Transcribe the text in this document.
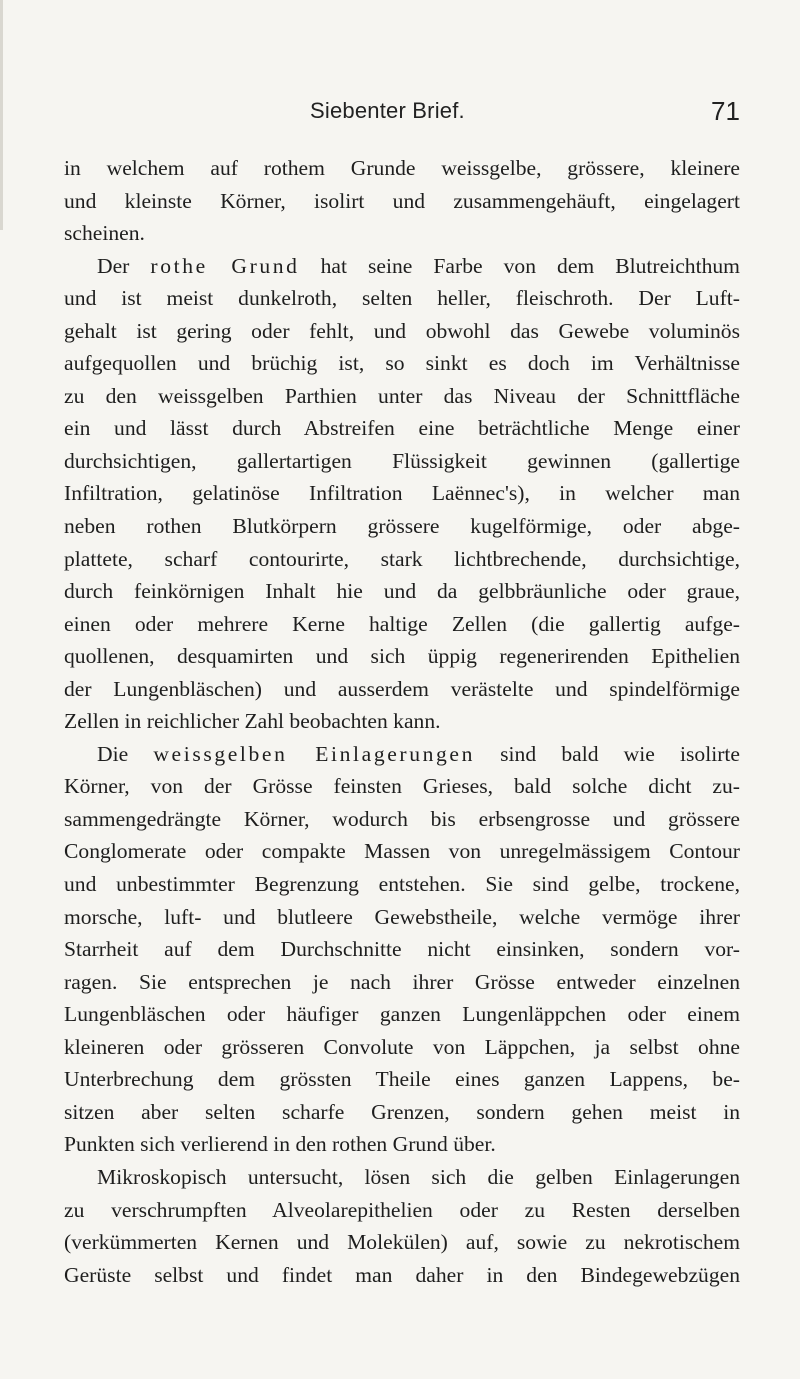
Siebenter Brief.	71
in welchem auf rothem Grunde weissgelbe, grössere, kleinere
und kleinste Körner, isolirt und zusammengehäuft, eingelagert
scheinen.
Der rothe Grund hat seine Farbe von dem Blutreichthum
und ist meist dunkelroth, selten heller, fleischroth. Der Luft-
gehalt ist gering oder fehlt, und obwohl das Gewebe voluminös
aufgequollen und brüchig ist, so sinkt es doch im Verhältnisse
zu den weissgelben Parthien unter das Niveau der Schnittfläche
ein und lässt durch Abstreifen eine beträchtliche Menge einer
durchsichtigen, gallertartigen Flüssigkeit gewinnen (gallertige
Infiltration, gelatinöse Infiltration Laënnec's), in welcher man
neben rothen Blutkörpern grössere kugelförmige, oder abge-
plattete, scharf contourirte, stark lichtbrechende, durchsichtige,
durch feinkörnigen Inhalt hie und da gelbbräunliche oder graue,
einen oder mehrere Kerne haltige Zellen (die gallertig aufge-
quollenen, desquamirten und sich üppig regenerirenden Epithelien
der Lungenbläschen) und ausserdem verästelte und spindelförmige
Zellen in reichlicher Zahl beobachten kann.
Die weissgelben Einlagerungen sind bald wie isolirte
Körner, von der Grösse feinsten Grieses, bald solche dicht zu-
sammengedrängte Körner, wodurch bis erbsengrosse und grössere
Conglomerate oder compakte Massen von unregelmässigem Contour
und unbestimmter Begrenzung entstehen. Sie sind gelbe, trockene,
morsche, luft- und blutleere Gewebstheile, welche vermöge ihrer
Starrheit auf dem Durchschnitte nicht einsinken, sondern vor-
ragen. Sie entsprechen je nach ihrer Grösse entweder einzelnen
Lungenbläschen oder häufiger ganzen Lungenläppchen oder einem
kleineren oder grösseren Convolute von Läppchen, ja selbst ohne
Unterbrechung dem grössten Theile eines ganzen Lappens, be-
sitzen aber selten scharfe Grenzen, sondern gehen meist in
Punkten sich verlierend in den rothen Grund über.
Mikroskopisch untersucht, lösen sich die gelben Einlagerungen
zu verschrumpften Alveolarepithelien oder zu Resten derselben
(verkümmerten Kernen und Molekülen) auf, sowie zu nekrotischem
Gerüste selbst und findet man daher in den Bindegewebzügen
